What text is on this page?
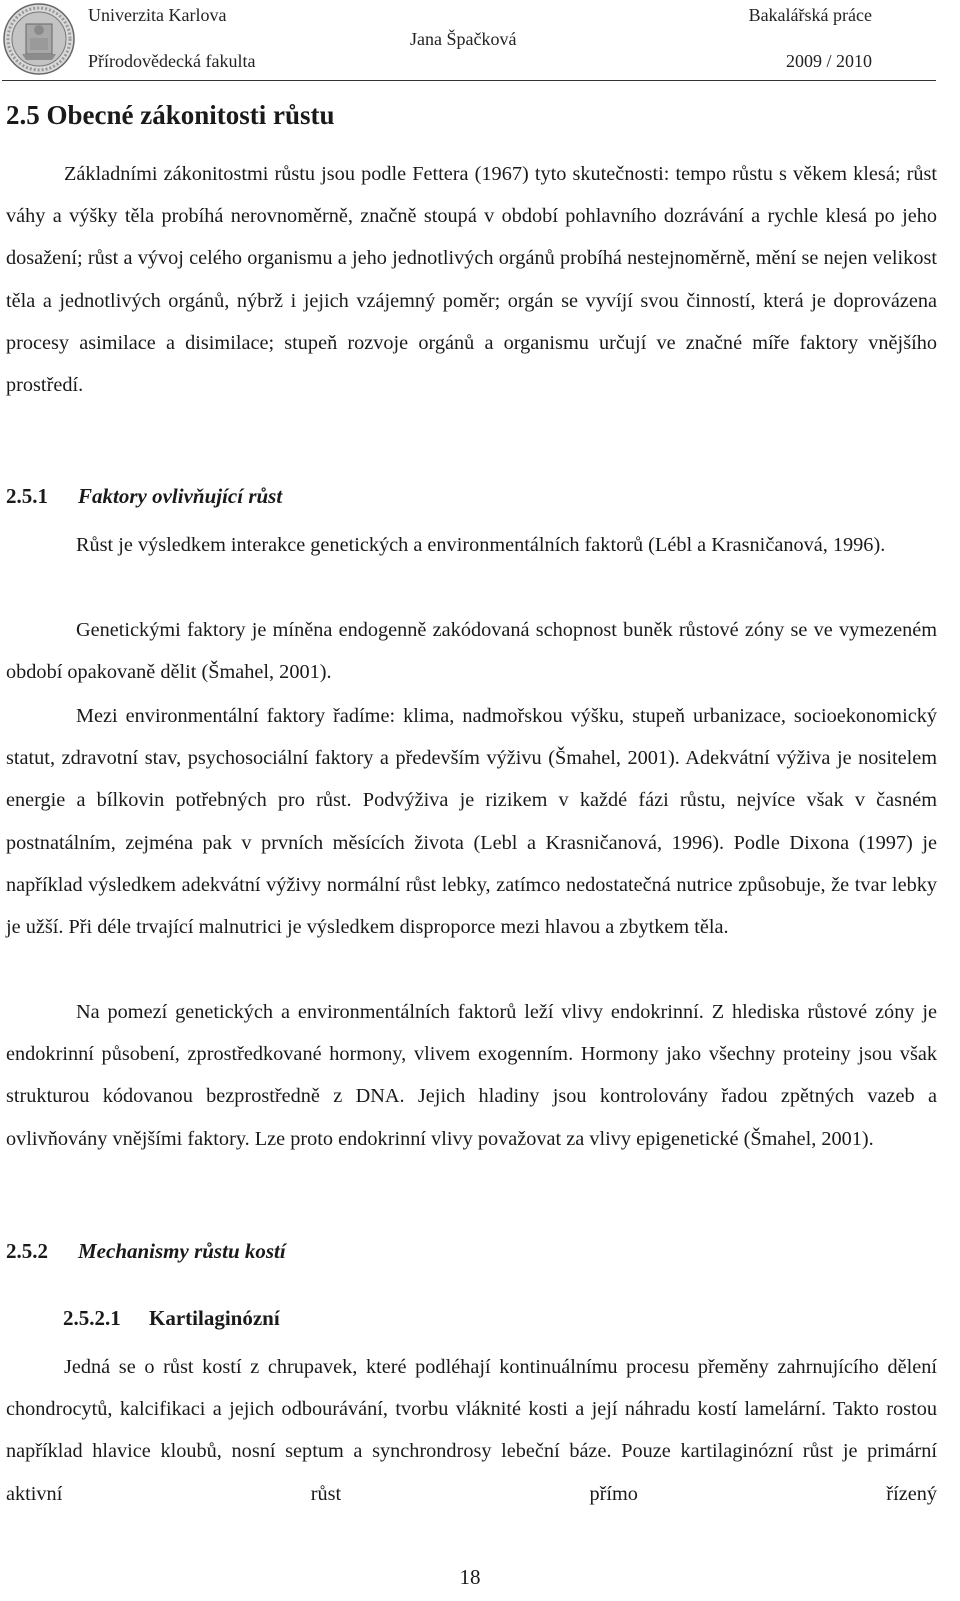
Univerzita Karlova
Přírodovědecká fakulta
Jana Špačková
Bakalářská práce
2009 / 2010
2.5 Obecné zákonitosti růstu

Základními zákonitostmi růstu jsou podle Fettera (1967) tyto skutečnosti: tempo růstu s věkem klesá; růst váhy a výšky těla probíhá nerovnoměrně, značně stoupá v období pohlavního dozrávání a rychle klesá po jeho dosažení; růst a vývoj celého organismu a jeho jednotlivých orgánů probíhá nestejnoměrně, mění se nejen velikost těla a jednotlivých orgánů, nýbrž i jejich vzájemný poměr; orgán se vyvíjí svou činností, která je doprovázena procesy asimilace a disimilace; stupeň rozvoje orgánů a organismu určují ve značné míře faktory vnějšího prostředí.

2.5.1 Faktory ovlivňující růst

Růst je výsledkem interakce genetických a environmentálních faktorů (Lébl a Krasničanová, 1996).

Genetickými faktory je míněna endogenně zakódovaná schopnost buněk růstové zóny se ve vymezeném období opakovaně dělit (Šmahel, 2001).

Mezi environmentální faktory řadíme: klima, nadmořskou výšku, stupeň urbanizace, socioekonomický statut, zdravotní stav, psychosociální faktory a především výživu (Šmahel, 2001). Adekvátní výživa je nositelem energie a bílkovin potřebných pro růst. Podvýživa je rizikem v každé fázi růstu, nejvíce však v časném postnatálním, zejména pak v prvních měsících života (Lebl a Krasničanová, 1996). Podle Dixona (1997) je například výsledkem adekvátní výživy normální růst lebky, zatímco nedostatečná nutrice způsobuje, že tvar lebky je užší. Při déle trvající malnutrici je výsledkem disproporce mezi hlavou a zbytkem těla.

Na pomezí genetických a environmentálních faktorů leží vlivy endokrinní. Z hlediska růstové zóny je endokrinní působení, zprostředkované hormony, vlivem exogenním. Hormony jako všechny proteiny jsou však strukturou kódovanou bezprostředně z DNA. Jejich hladiny jsou kontrolovány řadou zpětných vazeb a ovlivňovány vnějšími faktory. Lze proto endokrinní vlivy považovat za vlivy epigenetické (Šmahel, 2001).

2.5.2 Mechanismy růstu kostí
2.5.2.1 Kartilaginózní

Jedná se o růst kostí z chrupavek, které podléhají kontinuálnímu procesu přeměny zahrnujícího dělení chondrocytů, kalcifikaci a jejich odbourávání, tvorbu vláknité kosti a její náhradu kostí lamelární. Takto rostou například hlavice kloubů, nosní septum a synchrondrosy lebeční báze. Pouze kartilaginózní růst je primární aktivní růst přímo řízený

18
